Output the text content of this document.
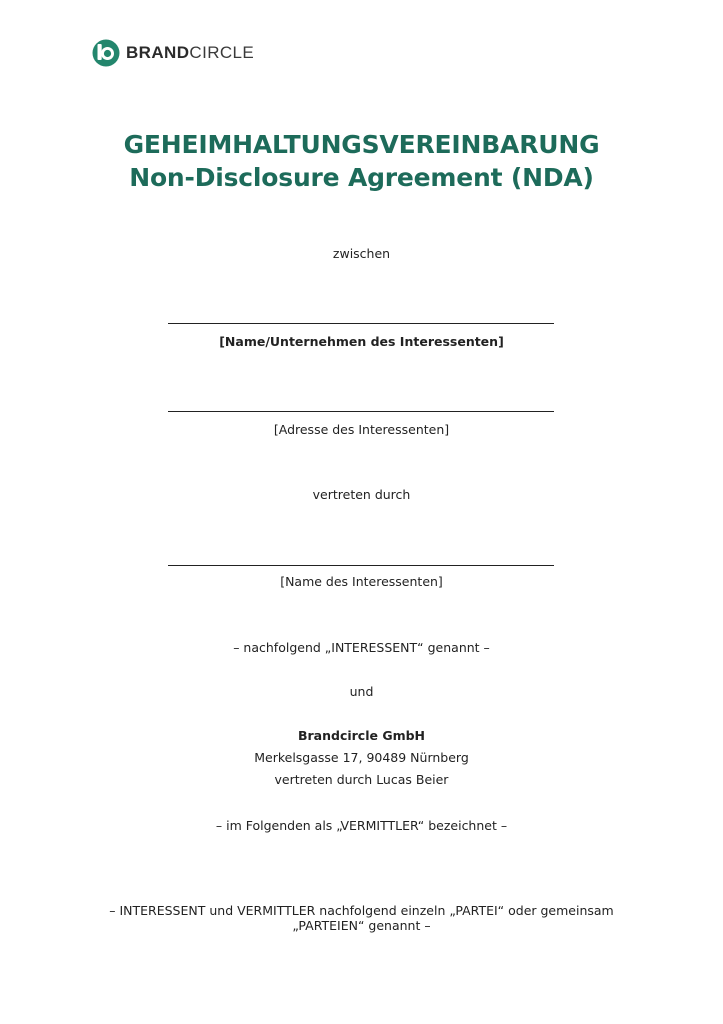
BRANDCIRCLE
GEHEIMHALTUNGSVEREINBARUNG
Non-Disclosure Agreement (NDA)
zwischen
[Name/Unternehmen des Interessenten]
[Adresse des Interessenten]
vertreten durch
[Name des Interessenten]
– nachfolgend „INTERESSENT“ genannt –
und
Brandcircle GmbH
Merkelsgasse 17, 90489 Nürnberg
vertreten durch Lucas Beier
– im Folgenden als „VERMITTLER“ bezeichnet –
– INTERESSENT und VERMITTLER nachfolgend einzeln „PARTEI“ oder gemeinsam
„PARTEIEN“ genannt –
